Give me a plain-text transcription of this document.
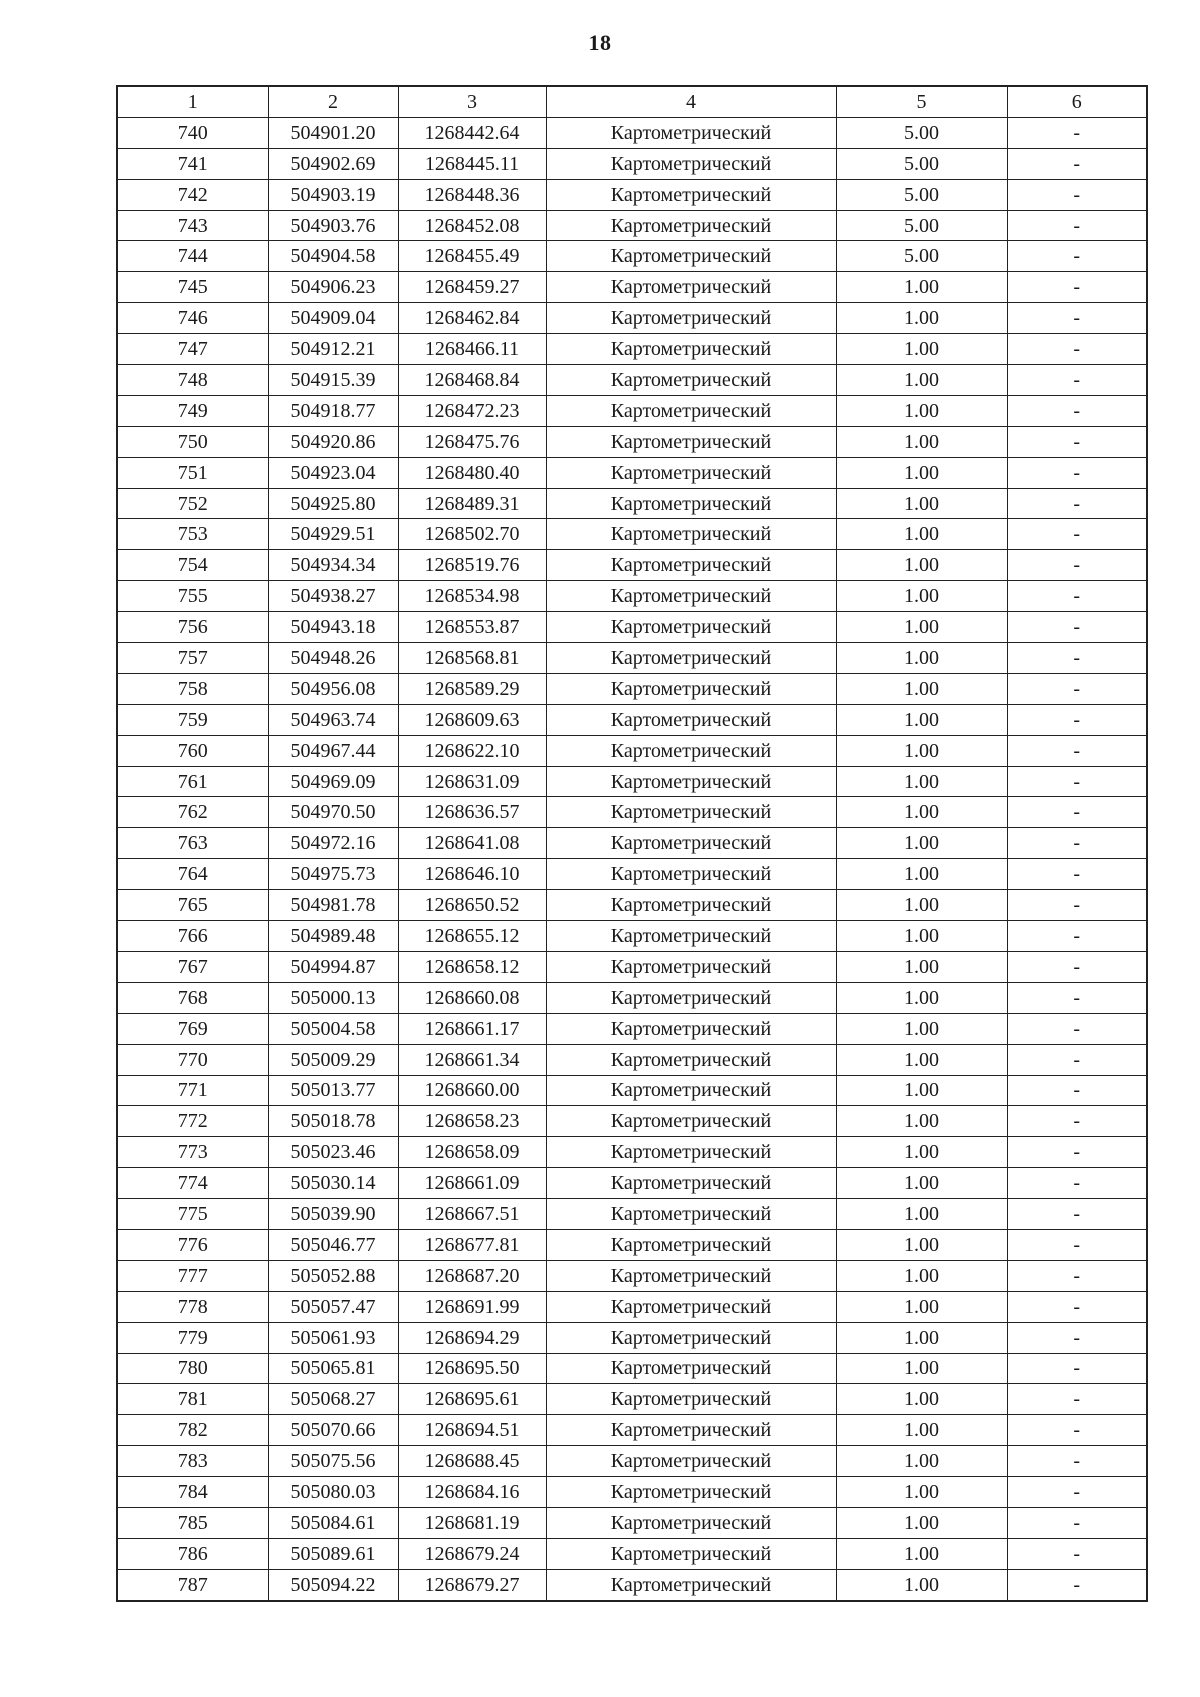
18
1	2	3	4	5	6
740	504901.20	1268442.64	Картометрический	5.00	-
741	504902.69	1268445.11	Картометрический	5.00	-
742	504903.19	1268448.36	Картометрический	5.00	-
743	504903.76	1268452.08	Картометрический	5.00	-
744	504904.58	1268455.49	Картометрический	5.00	-
745	504906.23	1268459.27	Картометрический	1.00	-
746	504909.04	1268462.84	Картометрический	1.00	-
747	504912.21	1268466.11	Картометрический	1.00	-
748	504915.39	1268468.84	Картометрический	1.00	-
749	504918.77	1268472.23	Картометрический	1.00	-
750	504920.86	1268475.76	Картометрический	1.00	-
751	504923.04	1268480.40	Картометрический	1.00	-
752	504925.80	1268489.31	Картометрический	1.00	-
753	504929.51	1268502.70	Картометрический	1.00	-
754	504934.34	1268519.76	Картометрический	1.00	-
755	504938.27	1268534.98	Картометрический	1.00	-
756	504943.18	1268553.87	Картометрический	1.00	-
757	504948.26	1268568.81	Картометрический	1.00	-
758	504956.08	1268589.29	Картометрический	1.00	-
759	504963.74	1268609.63	Картометрический	1.00	-
760	504967.44	1268622.10	Картометрический	1.00	-
761	504969.09	1268631.09	Картометрический	1.00	-
762	504970.50	1268636.57	Картометрический	1.00	-
763	504972.16	1268641.08	Картометрический	1.00	-
764	504975.73	1268646.10	Картометрический	1.00	-
765	504981.78	1268650.52	Картометрический	1.00	-
766	504989.48	1268655.12	Картометрический	1.00	-
767	504994.87	1268658.12	Картометрический	1.00	-
768	505000.13	1268660.08	Картометрический	1.00	-
769	505004.58	1268661.17	Картометрический	1.00	-
770	505009.29	1268661.34	Картометрический	1.00	-
771	505013.77	1268660.00	Картометрический	1.00	-
772	505018.78	1268658.23	Картометрический	1.00	-
773	505023.46	1268658.09	Картометрический	1.00	-
774	505030.14	1268661.09	Картометрический	1.00	-
775	505039.90	1268667.51	Картометрический	1.00	-
776	505046.77	1268677.81	Картометрический	1.00	-
777	505052.88	1268687.20	Картометрический	1.00	-
778	505057.47	1268691.99	Картометрический	1.00	-
779	505061.93	1268694.29	Картометрический	1.00	-
780	505065.81	1268695.50	Картометрический	1.00	-
781	505068.27	1268695.61	Картометрический	1.00	-
782	505070.66	1268694.51	Картометрический	1.00	-
783	505075.56	1268688.45	Картометрический	1.00	-
784	505080.03	1268684.16	Картометрический	1.00	-
785	505084.61	1268681.19	Картометрический	1.00	-
786	505089.61	1268679.24	Картометрический	1.00	-
787	505094.22	1268679.27	Картометрический	1.00	-
